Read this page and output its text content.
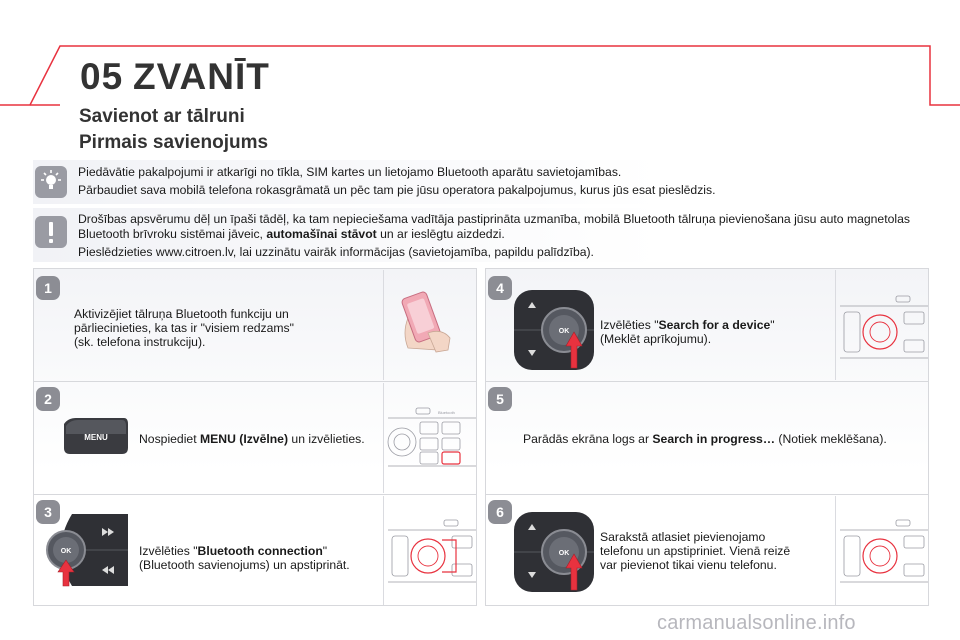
05 ZVANĪT
Savienot ar tālruni
Pirmais savienojums

Piedāvātie pakalpojumi ir atkarīgi no tīkla, SIM kartes un lietojamo Bluetooth aparātu savietojamības.

Pārbaudiet sava mobilā telefona rokasgrāmatā un pēc tam pie jūsu operatora pakalpojumus, kurus jūs esat pieslēdzis.

Drošības apsvērumu dēļ un īpaši tādēļ, ka tam nepieciešama vadītāja pastiprināta uzmanība, mobilā Bluetooth tālruņa pievienošana jūsu auto magnetolas Bluetooth brīvroku sistēmai jāveic, automašīnai stāvot un ar ieslēgtu aizdedzi.

Pieslēdzieties www.citroen.lv, lai uzzinātu vairāk informācijas (savietojamība, papildu palīdzība).

1
2
3
4
5
6
Aktivizējiet tālruņa Bluetooth funkciju un
pārliecinieties, ka tas ir "visiem redzams"
(sk. telefona instrukciju).
MENU	Nospiediet MENU (Izvēlne) un izvēlieties.
OK	Izvēlēties "Bluetooth connection"
(Bluetooth savienojums) un apstiprināt.
OK	Izvēlēties "Search for a device"
(Meklēt aprīkojumu).
Parādās ekrāna logs ar Search in progress… (Notiek meklēšana).
OK
Sarakstā atlasiet pievienojamo
telefonu un apstipriniet. Vienā reizē
var pievienot tikai vienu telefonu.
Bluetooth
carmanualsonline.info
